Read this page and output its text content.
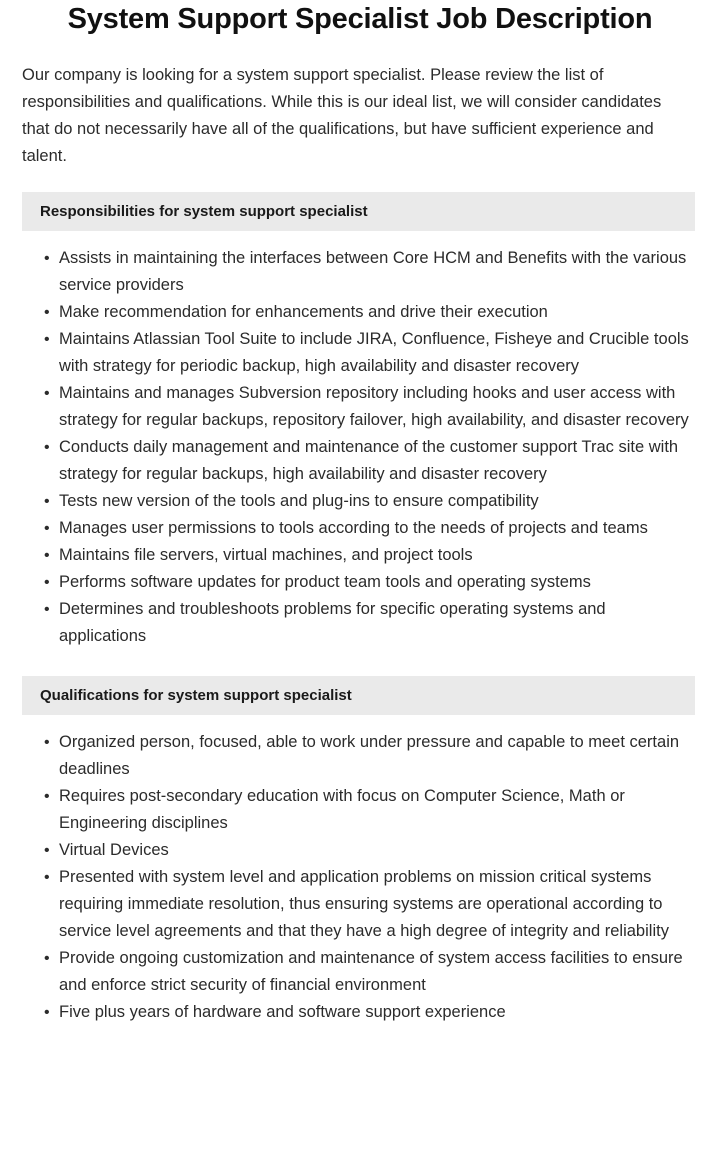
System Support Specialist Job Description

Our company is looking for a system support specialist. Please review the list of responsibilities and qualifications. While this is our ideal list, we will consider candidates that do not necessarily have all of the qualifications, but have sufficient experience and talent.

Responsibilities for system support specialist
• Assists in maintaining the interfaces between Core HCM and Benefits with the various service providers
• Make recommendation for enhancements and drive their execution
• Maintains Atlassian Tool Suite to include JIRA, Confluence, Fisheye and Crucible tools with strategy for periodic backup, high availability and disaster recovery
• Maintains and manages Subversion repository including hooks and user access with strategy for regular backups, repository failover, high availability, and disaster recovery
• Conducts daily management and maintenance of the customer support Trac site with strategy for regular backups, high availability and disaster recovery
• Tests new version of the tools and plug-ins to ensure compatibility
• Manages user permissions to tools according to the needs of projects and teams
• Maintains file servers, virtual machines, and project tools
• Performs software updates for product team tools and operating systems
• Determines and troubleshoots problems for specific operating systems and applications
Qualifications for system support specialist
• Organized person, focused, able to work under pressure and capable to meet certain deadlines
• Requires post-secondary education with focus on Computer Science, Math or Engineering disciplines
• Virtual Devices
• Presented with system level and application problems on mission critical systems requiring immediate resolution, thus ensuring systems are operational according to service level agreements and that they have a high degree of integrity and reliability
• Provide ongoing customization and maintenance of system access facilities to ensure and enforce strict security of financial environment
• Five plus years of hardware and software support experience
